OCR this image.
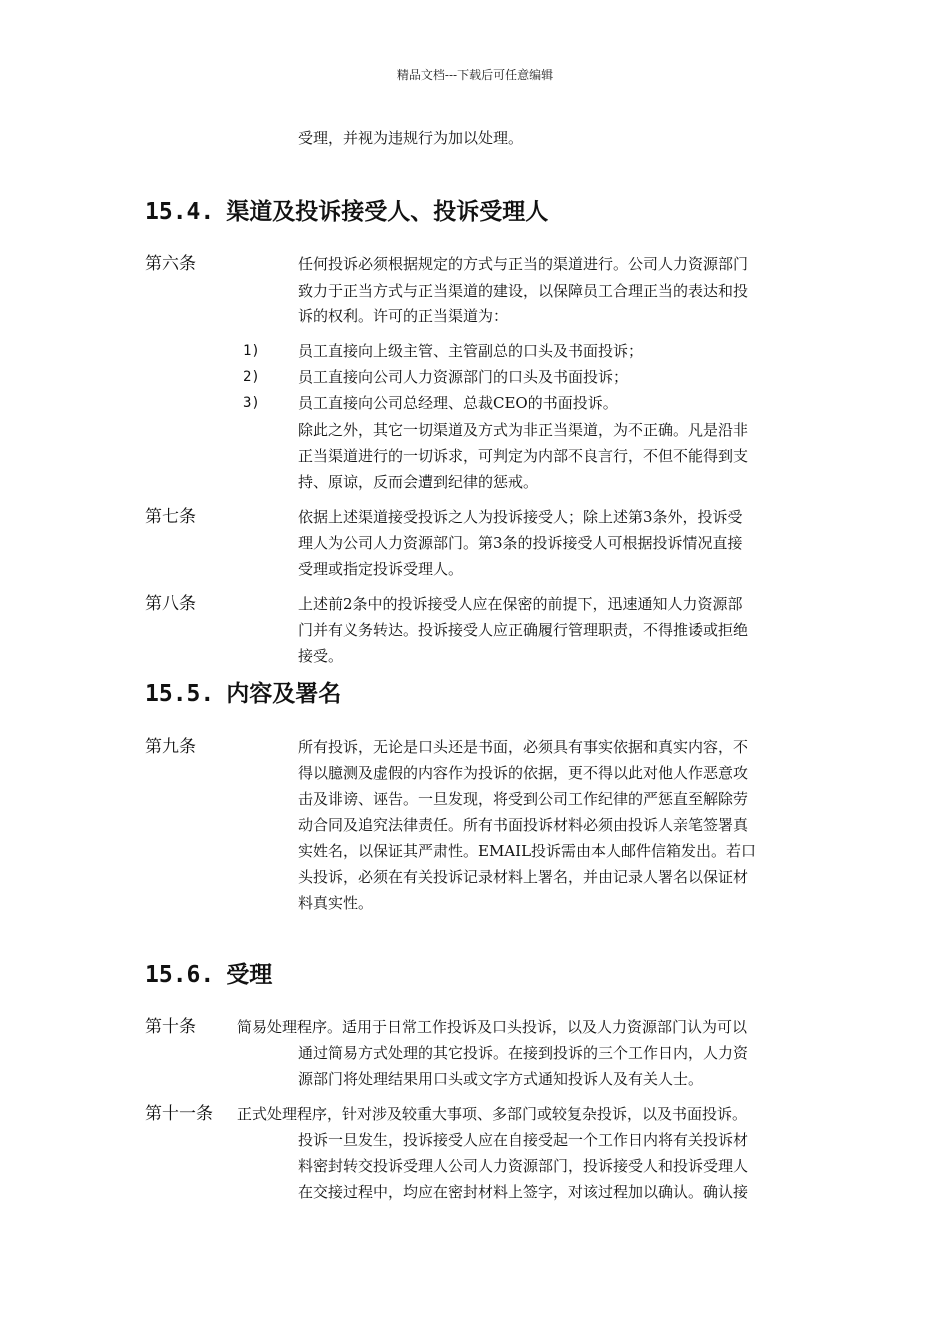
精品文档---下载后可任意编辑
受理，并视为违规行为加以处理。
15.4. 渠道及投诉接受人、投诉受理人
第六条	任何投诉必须根据规定的方式与正当的渠道进行。公司人力资源部门
致力于正当方式与正当渠道的建设，以保障员工合理正当的表达和投
诉的权利。许可的正当渠道为：
1)	员工直接向上级主管、主管副总的口头及书面投诉；
2)	员工直接向公司人力资源部门的口头及书面投诉；
3)	员工直接向公司总经理、总裁CEO的书面投诉。
除此之外，其它一切渠道及方式为非正当渠道，为不正确。凡是沿非
正当渠道进行的一切诉求，可判定为内部不良言行，不但不能得到支
持、原谅，反而会遭到纪律的惩戒。
第七条	依据上述渠道接受投诉之人为投诉接受人；除上述第3条外，投诉受
理人为公司人力资源部门。第3条的投诉接受人可根据投诉情况直接
受理或指定投诉受理人。
第八条	上述前2条中的投诉接受人应在保密的前提下，迅速通知人力资源部
门并有义务转达。投诉接受人应正确履行管理职责，不得推诿或拒绝
接受。
15.5. 内容及署名
第九条	所有投诉，无论是口头还是书面，必须具有事实依据和真实内容，不
得以臆测及虚假的内容作为投诉的依据，更不得以此对他人作恶意攻
击及诽谤、诬告。一旦发现，将受到公司工作纪律的严惩直至解除劳
动合同及追究法律责任。所有书面投诉材料必须由投诉人亲笔签署真
实姓名，以保证其严肃性。EMAIL投诉需由本人邮件信箱发出。若口
头投诉，必须在有关投诉记录材料上署名，并由记录人署名以保证材
料真实性。
15.6. 受理
第十条	简易处理程序。适用于日常工作投诉及口头投诉，以及人力资源部门认为可以
通过简易方式处理的其它投诉。在接到投诉的三个工作日内，人力资
源部门将处理结果用口头或文字方式通知投诉人及有关人士。
第十一条 正式处理程序，针对涉及较重大事项、多部门或较复杂投诉，以及书面投诉。
投诉一旦发生，投诉接受人应在自接受起一个工作日内将有关投诉材
料密封转交投诉受理人公司人力资源部门，投诉接受人和投诉受理人
在交接过程中，均应在密封材料上签字，对该过程加以确认。确认接
